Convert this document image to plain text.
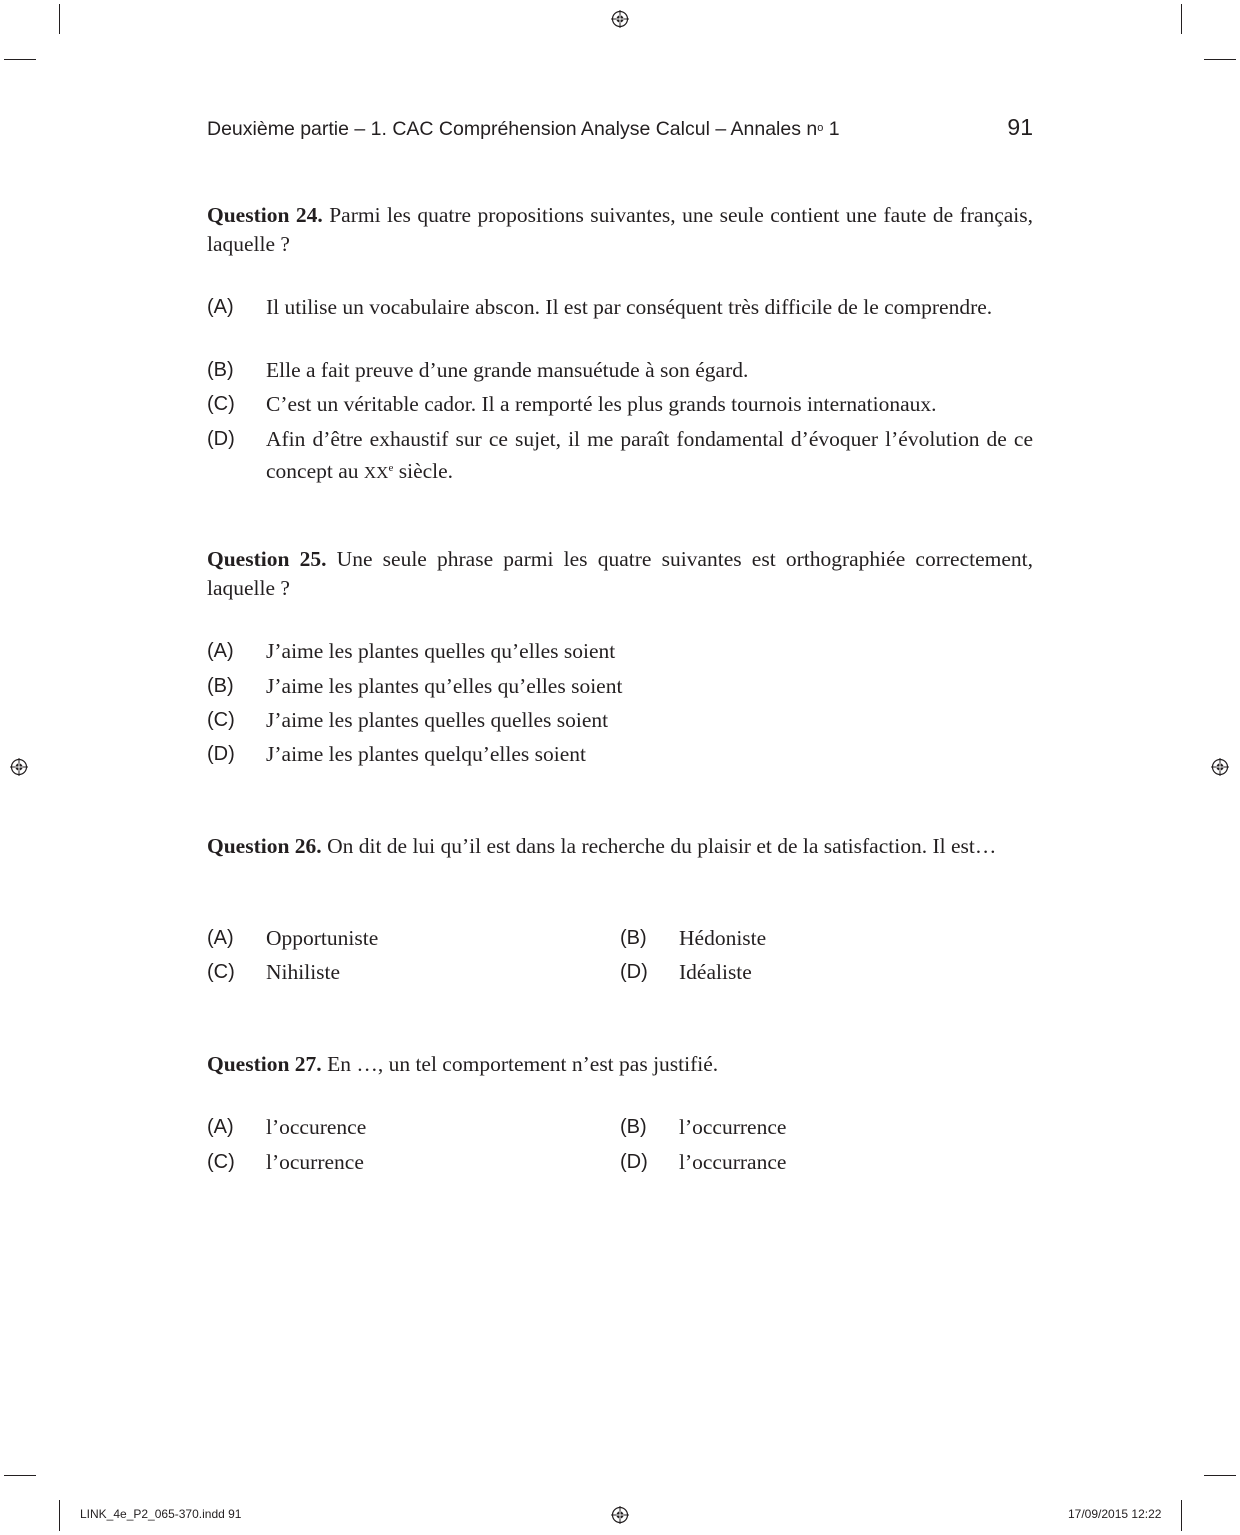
Deuxième partie – 1. CAC Compréhension Analyse Calcul – Annales $n^o$ 1	91
Question 24. Parmi les quatre propositions suivantes, une seule contient une faute de français, laquelle ?
(A) Il utilise un vocabulaire abscon. Il est par conséquent très difficile de le comprendre.
(B) Elle a fait preuve d’une grande mansuétude à son égard.
(C) C’est un véritable cador. Il a remporté les plus grands tournois internationaux.
(D) Afin d’être exhaustif sur ce sujet, il me paraît fondamental d’évoquer l’évolution de ce concept au XXe siècle.
Question 25. Une seule phrase parmi les quatre suivantes est orthographiée correctement, laquelle ?
(A) J’aime les plantes quelles qu’elles soient
(B) J’aime les plantes qu’elles qu’elles soient
(C) J’aime les plantes quelles quelles soient
(D) J’aime les plantes quelqu’elles soient
Question 26. On dit de lui qu’il est dans la recherche du plaisir et de la satisfaction. Il est…
(A) Opportuniste	(B) Hédoniste
(C) Nihiliste	(D) Idéaliste
Question 27. En …, un tel comportement n’est pas justifié.
(A) l’occurence	(B) l’occurrence
(C) l’ocurrence	(D) l’occurrance
LINK_4e_P2_065-370.indd 91	17/09/2015 12:22
